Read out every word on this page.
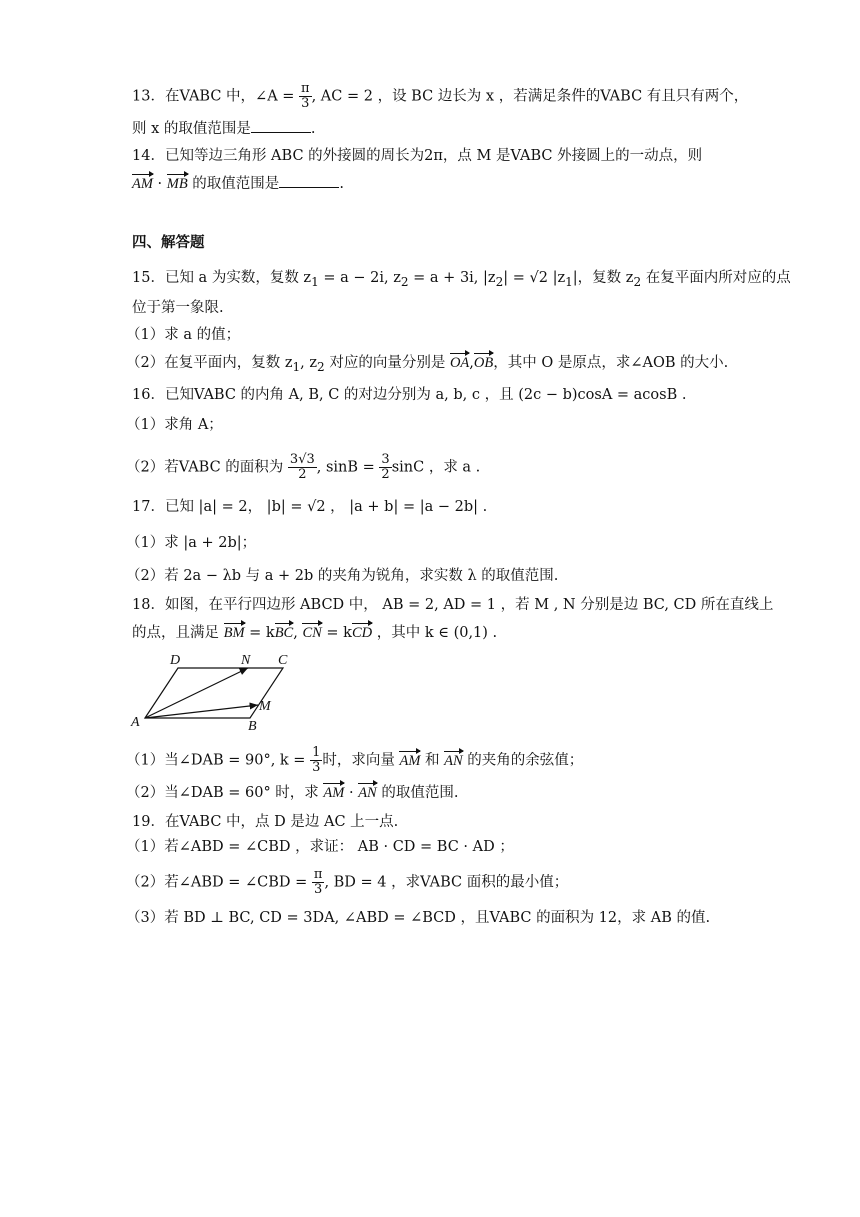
13．在VABC 中，∠A = $\frac{\pi}{3}$ , AC = 2 ，设 BC 边长为 x ，若满足条件的VABC 有且只有两个，
则 x 的取值范围是	.
14．已知等边三角形 ABC 的外接圆的周长为2π，点 M 是VABC 外接圆上的一动点，则
AM · MB 的取值范围是	.
四、解答题
15．已知 a 为实数，复数 $z_1 = a - 2i$, $z_2 = a + 3i$, $|z_2| = √2$ $|z_1|$，复数 $z_2$ 在复平面内所对应的点
位于第一象限.
（1）求 a 的值；
（2）在复平面内，复数 $z_1$, $z_2$ 对应的向量分别是 OA,OB，其中 O 是原点，求∠AOB 的大小.
16．已知VABC 的内角 A, B, C 的对边分别为 a, b, c ，且 (2c − b)cosA = acosB .
（1）求角 A；
（2）若VABC 的面积为 $\frac{3√3}{2}$ , $\sin B = \frac{3}{2}$ sinC ，求 a .
17．已知 |a| = 2， |b| = √2 ， |a + b| = |a − 2b| .
（1）求 |a + 2b|；
（2）若 2a − λb 与 a + 2b 的夹角为锐角，求实数 λ 的取值范围.
18．如图，在平行四边形 ABCD 中， AB = 2, AD = 1 ，若 M , N 分别是边 BC, CD 所在直线上
的点，且满足 BM = kBC, CN = kCD ，其中 k ∈ (0,1) .
D	N C
M
A	B
（1）当∠DAB = 90°, $k = \frac{1}{3}$ 时，求向量 AM 和 AN 的夹角的余弦值；
（2）当∠DAB = 60° 时，求 AM · AN 的取值范围.
19．在VABC 中，点 D 是边 AC 上一点.
（1）若∠ABD = ∠CBD ，求证： AB · CD = BC · AD ；
（2）若∠ABD = ∠CBD = $\frac{\pi}{3}$ , BD = 4 ，求VABC 面积的最小值；
（3）若 BD ⊥ BC, CD = 3DA, ∠ABD = ∠BCD ，且VABC 的面积为 12，求 AB 的值.
